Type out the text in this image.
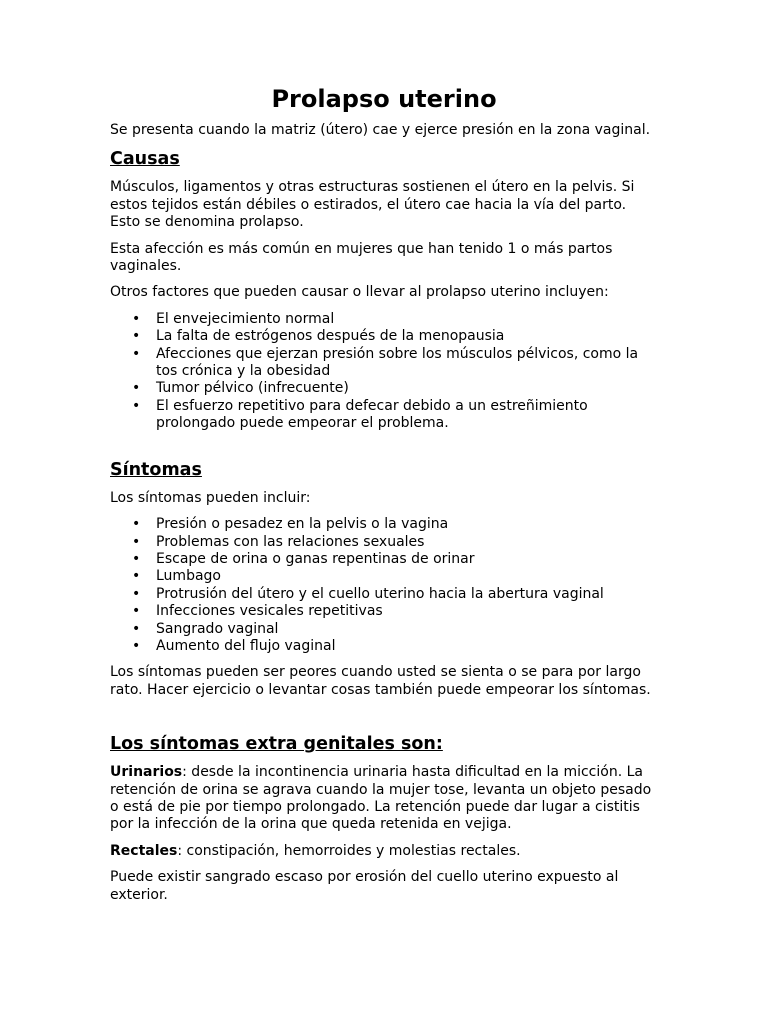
Prolapso uterino

Se presenta cuando la matriz (útero) cae y ejerce presión en la zona vaginal.

Causas

Músculos, ligamentos y otras estructuras sostienen el útero en la pelvis. Si estos tejidos están débiles o estirados, el útero cae hacia la vía del parto. Esto se denomina prolapso.

Esta afección es más común en mujeres que han tenido 1 o más partos vaginales.

Otros factores que pueden causar o llevar al prolapso uterino incluyen:

• El envejecimiento normal
• La falta de estrógenos después de la menopausia
• Afecciones que ejerzan presión sobre los músculos pélvicos, como la tos crónica y la obesidad
• Tumor pélvico (infrecuente)
• El esfuerzo repetitivo para defecar debido a un estreñimiento prolongado puede empeorar el problema.
Síntomas

Los síntomas pueden incluir:

• Presión o pesadez en la pelvis o la vagina
• Problemas con las relaciones sexuales
• Escape de orina o ganas repentinas de orinar
• Lumbago
• Protrusión del útero y el cuello uterino hacia la abertura vaginal
• Infecciones vesicales repetitivas
• Sangrado vaginal
• Aumento del flujo vaginal

Los síntomas pueden ser peores cuando usted se sienta o se para por largo rato. Hacer ejercicio o levantar cosas también puede empeorar los síntomas.

Los síntomas extra genitales son:

Urinarios: desde la incontinencia urinaria hasta dificultad en la micción. La retención de orina se agrava cuando la mujer tose, levanta un objeto pesado o está de pie por tiempo prolongado. La retención puede dar lugar a cistitis por la infección de la orina que queda retenida en vejiga.

Rectales: constipación, hemorroides y molestias rectales.

Puede existir sangrado escaso por erosión del cuello uterino expuesto al exterior.
